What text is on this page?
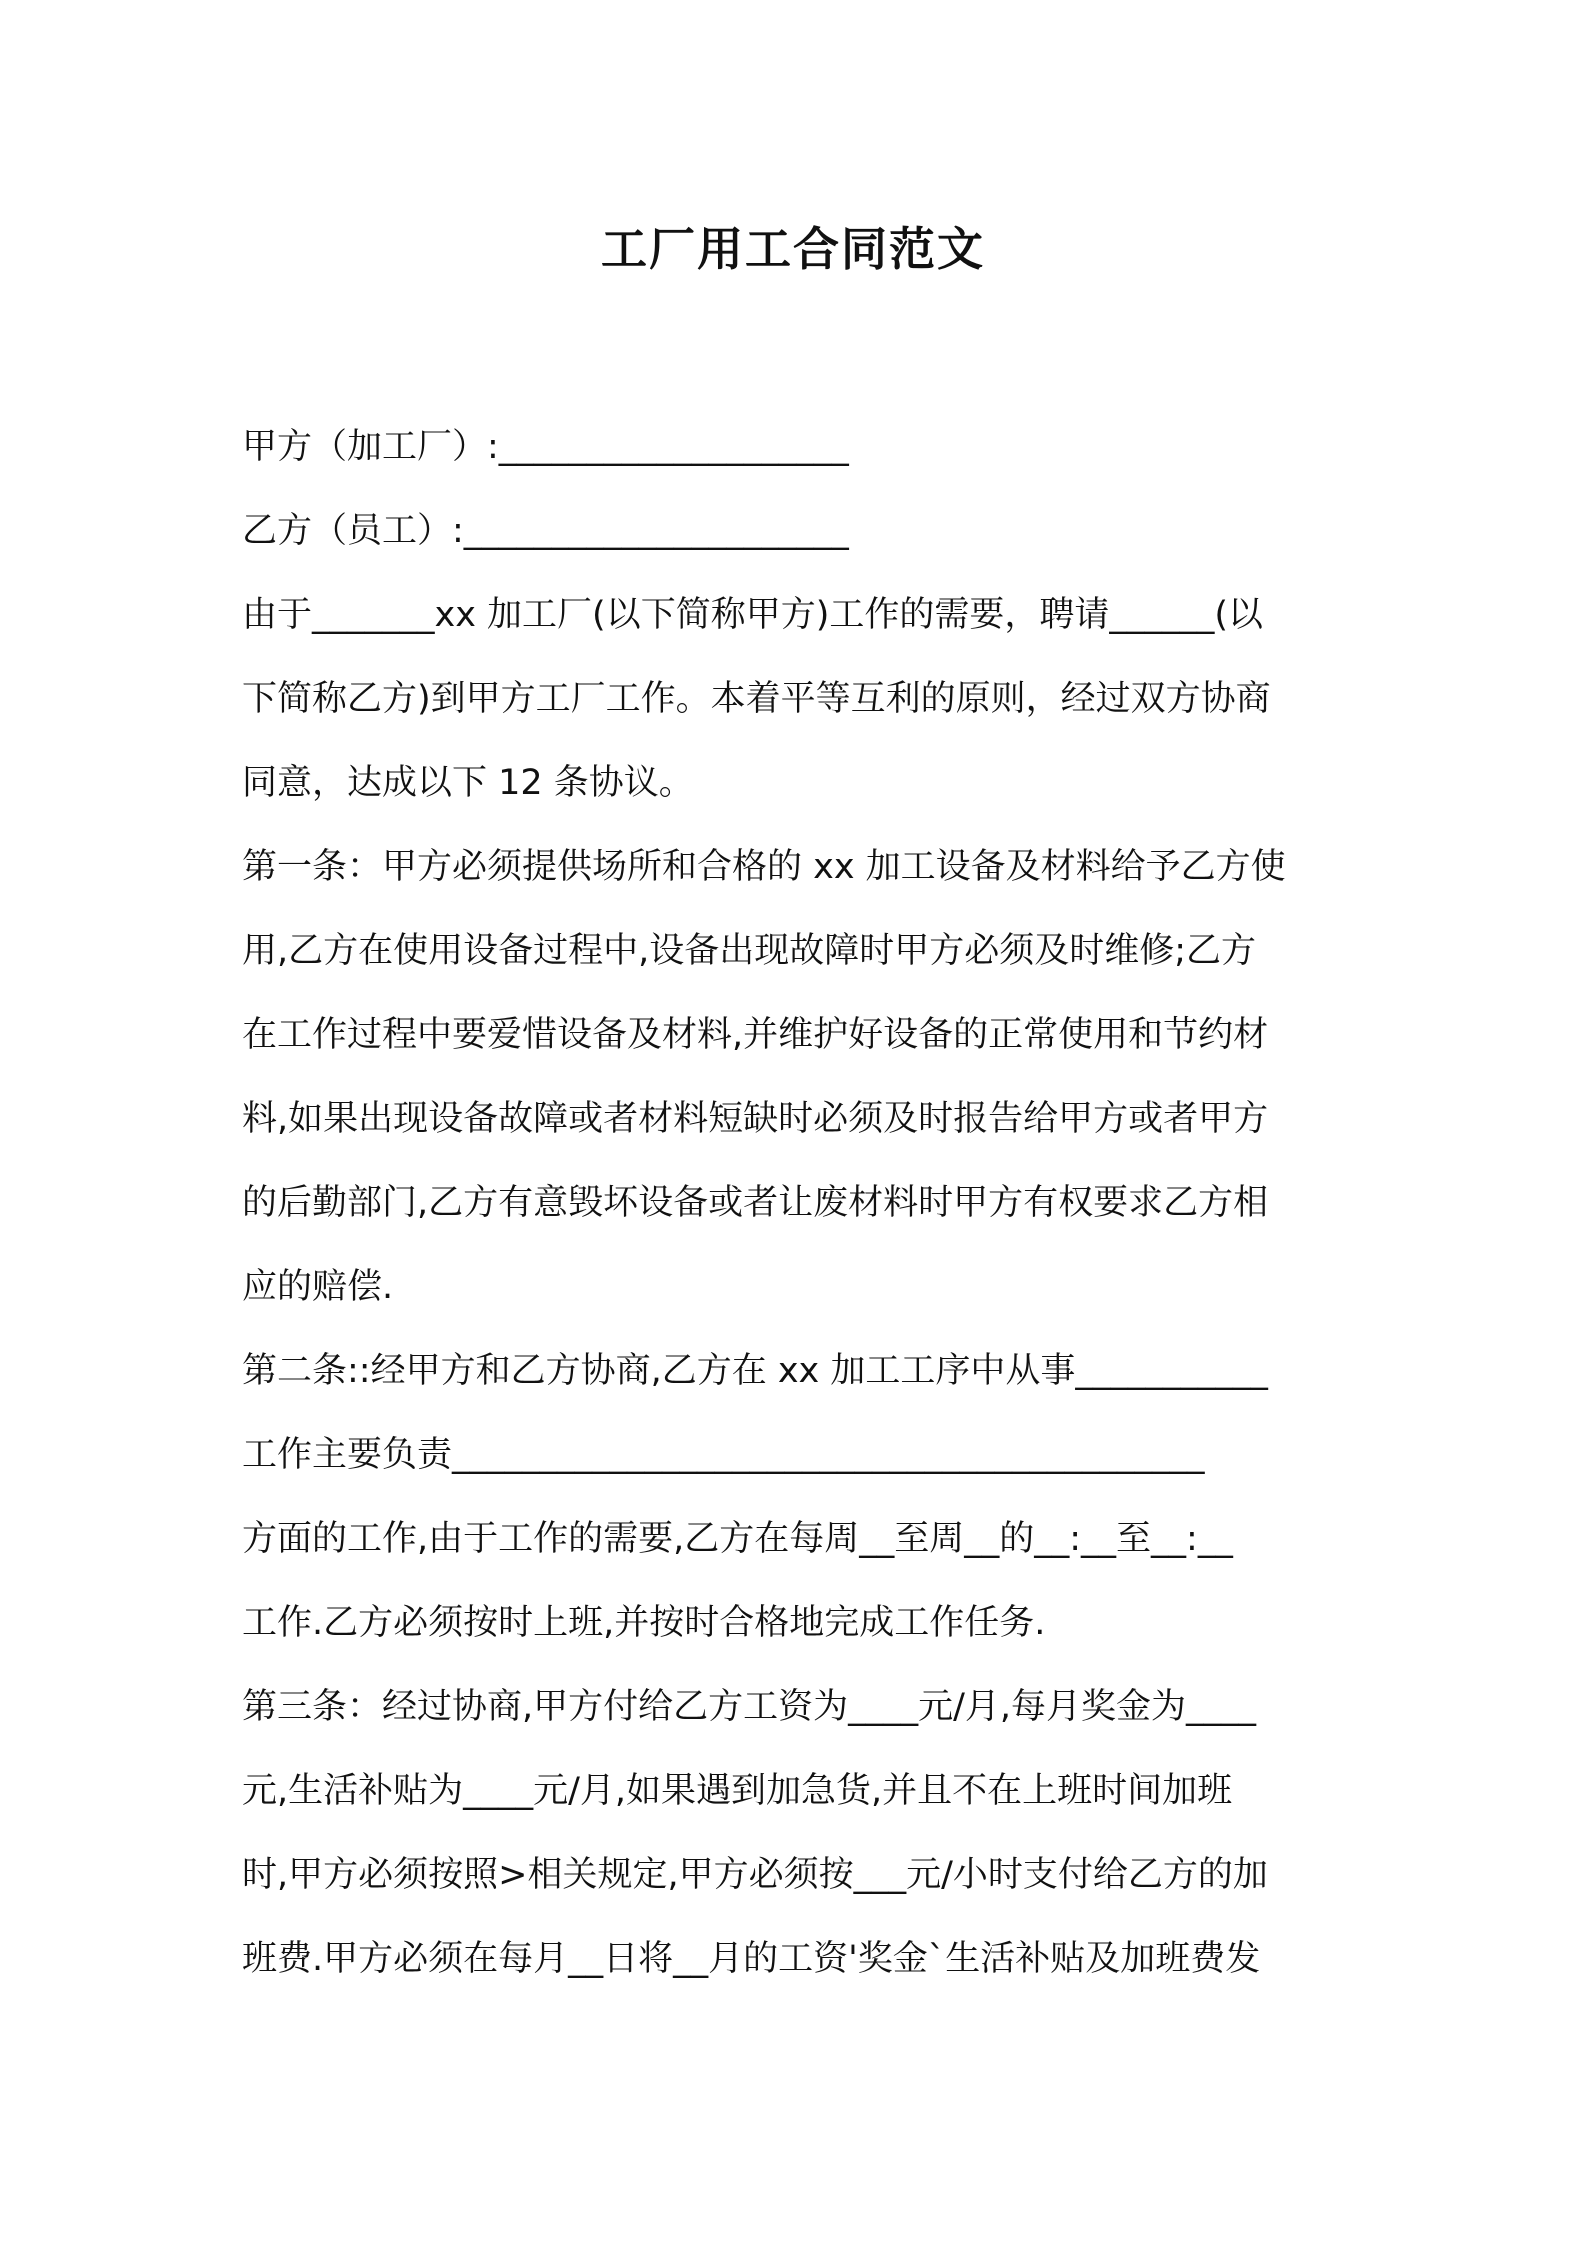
工厂用工合同范文

甲方（加工厂）:____________________

乙方（员工）:______________________

由于_______xx 加工厂(以下简称甲方)工作的需要，聘请______(以

下简称乙方)到甲方工厂工作。本着平等互利的原则，经过双方协商

同意，达成以下 12 条协议。

第一条：甲方必须提供场所和合格的 xx 加工设备及材料给予乙方使

用,乙方在使用设备过程中,设备出现故障时甲方必须及时维修;乙方

在工作过程中要爱惜设备及材料,并维护好设备的正常使用和节约材

料,如果出现设备故障或者材料短缺时必须及时报告给甲方或者甲方

的后勤部门,乙方有意毁坏设备或者让废材料时甲方有权要求乙方相

应的赔偿.

第二条::经甲方和乙方协商,乙方在 xx 加工工序中从事___________

工作主要负责___________________________________________

方面的工作,由于工作的需要,乙方在每周__至周__的__:__至__:__

工作.乙方必须按时上班,并按时合格地完成工作任务.

第三条：经过协商,甲方付给乙方工资为____元/月,每月奖金为____

元,生活补贴为____元/月,如果遇到加急货,并且不在上班时间加班

时,甲方必须按照>相关规定,甲方必须按___元/小时支付给乙方的加

班费.甲方必须在每月__日将__月的工资'奖金`生活补贴及加班费发
